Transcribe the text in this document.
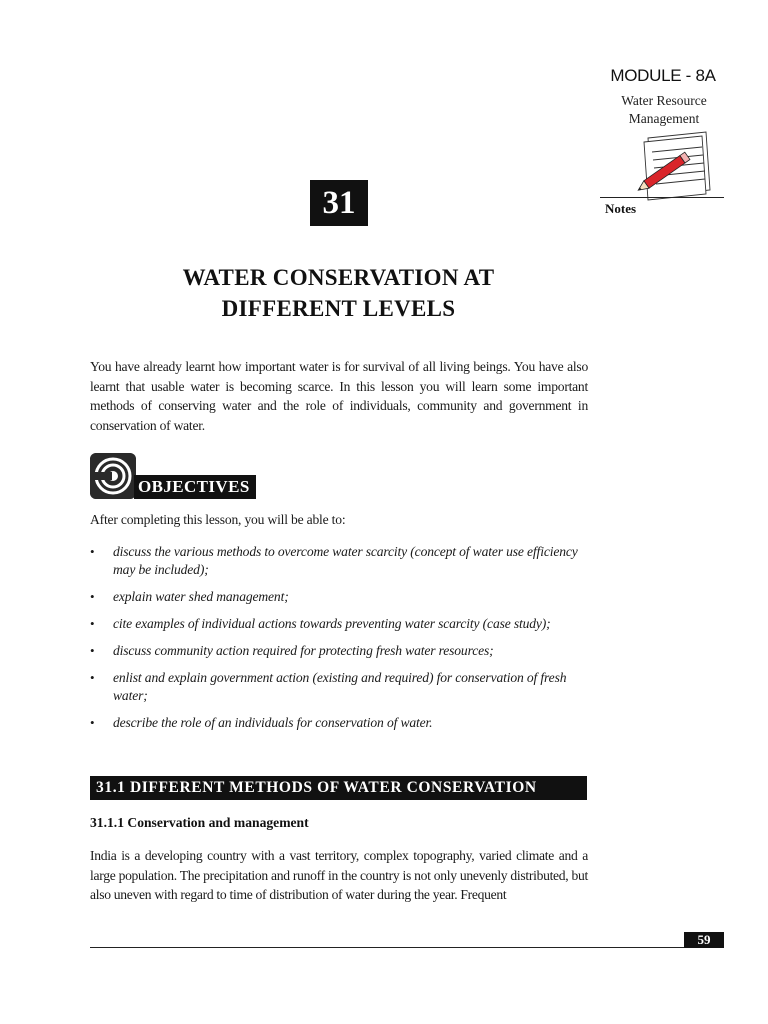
MODULE - 8A
Water Resource
Management
Notes
31
WATER CONSERVATION AT
DIFFERENT LEVELS
You have already learnt how important water is for survival of all living beings. You have also learnt that usable water is becoming scarce. In this lesson you will learn some important methods of conserving water and the role of individuals, community and government in conservation of water.
OBJECTIVES
After completing this lesson, you will be able to:
• discuss the various methods to overcome water scarcity (concept of water use efficiency may be included);
• explain water shed management;
• cite examples of individual actions towards preventing water scarcity (case study);
• discuss community action required for protecting fresh water resources;
• enlist and explain government action (existing and required) for conservation of fresh water;
• describe the role of an individuals for conservation of water.
31.1 DIFFERENT METHODS OF WATER CONSERVATION
31.1.1 Conservation and management
India is a developing country with a vast territory, complex topography, varied climate and a large population. The precipitation and runoff in the country is not only unevenly distributed, but also uneven with regard to time of distribution of water during the year. Frequent
59
